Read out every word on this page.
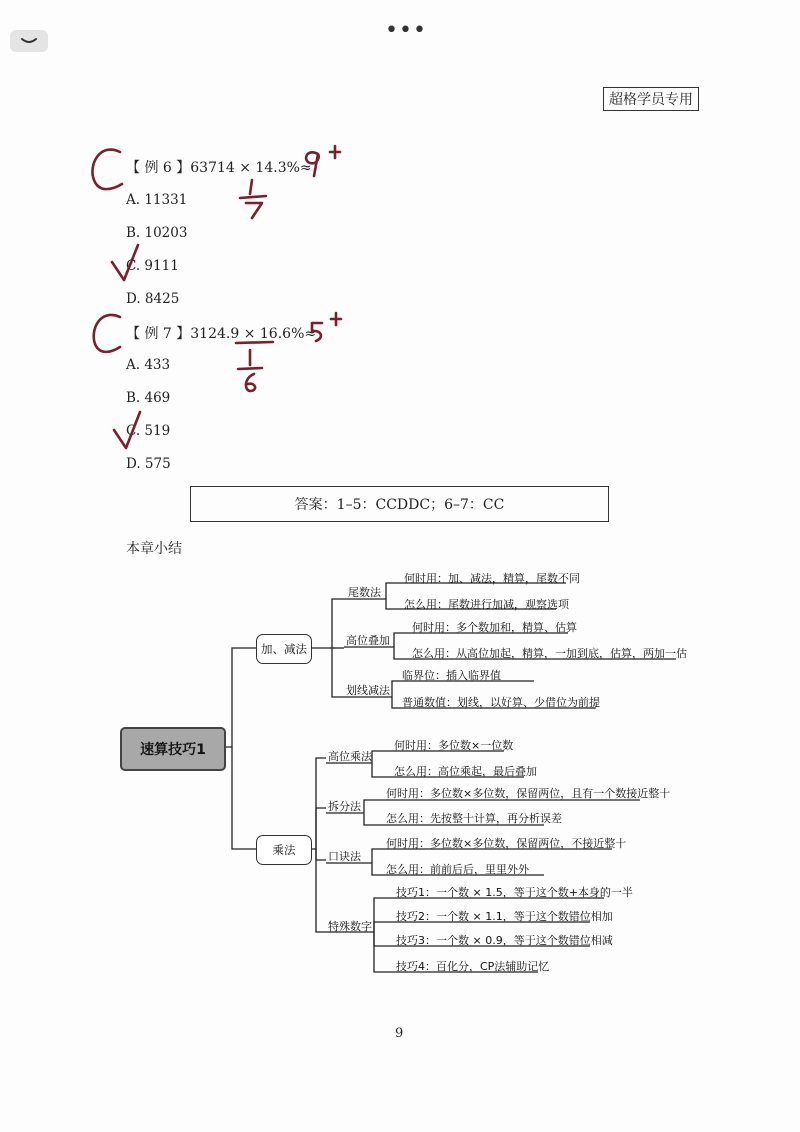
•••
超格学员专用
【 例 6 】63714 × 14.3%≈
A. 11331
B. 10203
C. 9111
D. 8425
【 例 7 】3124.9 × 16.6%≈
A. 433
B. 469
C. 519
D. 575
答案：1–5：CCDDC；6–7：CC
本章小结
速算技巧1
加、减法
乘法
尾数法
何时用：加、减法，精算，尾数不同
怎么用：尾数进行加减，观察选项
高位叠加
何时用：多个数加和，精算、估算
怎么用：从高位加起，精算，一加到底，估算，两加一估
划线减法
临界位：插入临界值
普通数值：划线，以好算、少借位为前提
高位乘法
何时用：多位数×一位数
怎么用：高位乘起，最后叠加
拆分法
何时用：多位数×多位数，保留两位，且有一个数接近整十
怎么用：先按整十计算，再分析误差
口诀法
何时用：多位数×多位数，保留两位，不接近整十
怎么用：前前后后，里里外外
特殊数字
技巧1：一个数 × 1.5，等于这个数+本身的一半
技巧2：一个数 × 1.1，等于这个数错位相加
技巧3：一个数 × 0.9，等于这个数错位相减
技巧4：百化分，CP法辅助记忆
9
